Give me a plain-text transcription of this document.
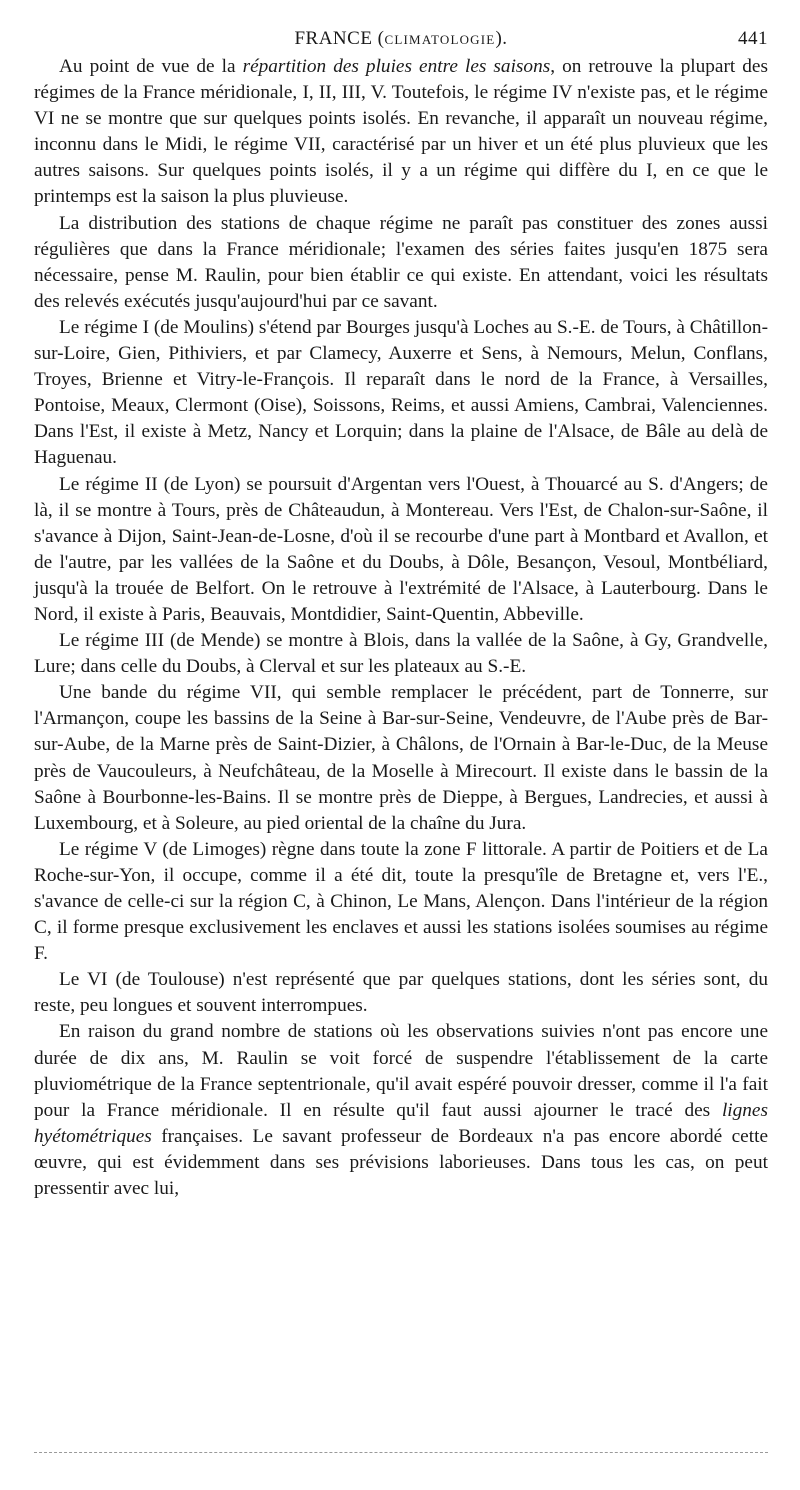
FRANCE (CLIMATOLOGIE).	441

Au point de vue de la répartition des pluies entre les saisons, on retrouve la plupart des régimes de la France méridionale, I, II, III, V. Toutefois, le régime IV n'existe pas, et le régime VI ne se montre que sur quelques points isolés. En revanche, il apparaît un nouveau régime, inconnu dans le Midi, le régime VII, caractérisé par un hiver et un été plus pluvieux que les autres saisons. Sur quelques points isolés, il y a un régime qui diffère du I, en ce que le printemps est la saison la plus pluvieuse.

La distribution des stations de chaque régime ne paraît pas constituer des zones aussi régulières que dans la France méridionale; l'examen des séries faites jusqu'en 1875 sera nécessaire, pense M. Raulin, pour bien établir ce qui existe. En attendant, voici les résultats des relevés exécutés jusqu'aujourd'hui par ce savant.

Le régime I (de Moulins) s'étend par Bourges jusqu'à Loches au S.-E. de Tours, à Châtillon-sur-Loire, Gien, Pithiviers, et par Clamecy, Auxerre et Sens, à Nemours, Melun, Conflans, Troyes, Brienne et Vitry-le-François. Il reparaît dans le nord de la France, à Versailles, Pontoise, Meaux, Clermont (Oise), Soissons, Reims, et aussi Amiens, Cambrai, Valenciennes. Dans l'Est, il existe à Metz, Nancy et Lorquin; dans la plaine de l'Alsace, de Bâle au delà de Haguenau.

Le régime II (de Lyon) se poursuit d'Argentan vers l'Ouest, à Thouarcé au S. d'Angers; de là, il se montre à Tours, près de Châteaudun, à Montereau. Vers l'Est, de Chalon-sur-Saône, il s'avance à Dijon, Saint-Jean-de-Losne, d'où il se recourbe d'une part à Montbard et Avallon, et de l'autre, par les vallées de la Saône et du Doubs, à Dôle, Besançon, Vesoul, Montbéliard, jusqu'à la trouée de Belfort. On le retrouve à l'extrémité de l'Alsace, à Lauterbourg. Dans le Nord, il existe à Paris, Beauvais, Montdidier, Saint-Quentin, Abbeville.

Le régime III (de Mende) se montre à Blois, dans la vallée de la Saône, à Gy, Grandvelle, Lure; dans celle du Doubs, à Clerval et sur les plateaux au S.-E.

Une bande du régime VII, qui semble remplacer le précédent, part de Tonnerre, sur l'Armançon, coupe les bassins de la Seine à Bar-sur-Seine, Vendeuvre, de l'Aube près de Bar-sur-Aube, de la Marne près de Saint-Dizier, à Châlons, de l'Ornain à Bar-le-Duc, de la Meuse près de Vaucouleurs, à Neufchâteau, de la Moselle à Mirecourt. Il existe dans le bassin de la Saône à Bourbonne-les-Bains. Il se montre près de Dieppe, à Bergues, Landrecies, et aussi à Luxembourg, et à Soleure, au pied oriental de la chaîne du Jura.

Le régime V (de Limoges) règne dans toute la zone F littorale. A partir de Poitiers et de La Roche-sur-Yon, il occupe, comme il a été dit, toute la presqu'île de Bretagne et, vers l'E., s'avance de celle-ci sur la région C, à Chinon, Le Mans, Alençon. Dans l'intérieur de la région C, il forme presque exclusivement les enclaves et aussi les stations isolées soumises au régime F.

Le VI (de Toulouse) n'est représenté que par quelques stations, dont les séries sont, du reste, peu longues et souvent interrompues.

En raison du grand nombre de stations où les observations suivies n'ont pas encore une durée de dix ans, M. Raulin se voit forcé de suspendre l'établissement de la carte pluviométrique de la France septentrionale, qu'il avait espéré pouvoir dresser, comme il l'a fait pour la France méridionale. Il en résulte qu'il faut aussi ajourner le tracé des lignes hyétométriques françaises. Le savant professeur de Bordeaux n'a pas encore abordé cette œuvre, qui est évidemment dans ses prévisions laborieuses. Dans tous les cas, on peut pressentir avec lui,
